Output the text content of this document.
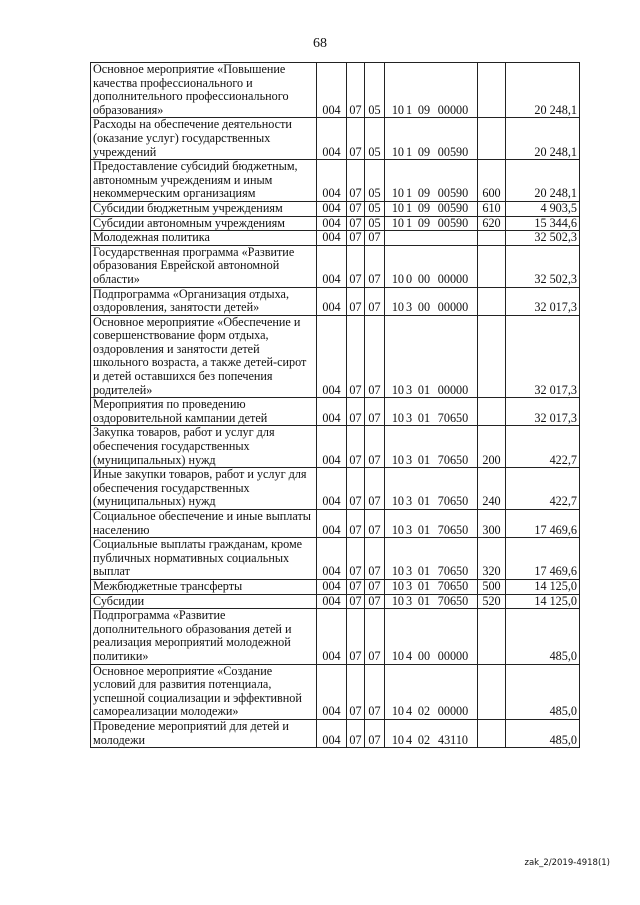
68
Основное мероприятие «Повышение качества профессионального и дополнительного профессионального образования»	004	07	05	10 1 09 00000		20 248,1
Расходы на обеспечение деятельности (оказание услуг) государственных учреждений	004	07	05	10 1 09 00590		20 248,1
Предоставление субсидий бюджетным, автономным учреждениям и иным некоммерческим организациям	004	07	05	10 1 09 00590	600	20 248,1
Субсидии бюджетным учреждениям	004	07	05	10 1 09 00590	610	4 903,5
Субсидии автономным учреждениям	004	07	05	10 1 09 00590	620	15 344,6
Молодежная политика	004	07	07			32 502,3
Государственная программа «Развитие образования Еврейской автономной области»	004	07	07	10 0 00 00000		32 502,3
Подпрограмма «Организация отдыха, оздоровления, занятости детей»	004	07	07	10 3 00 00000		32 017,3
Основное мероприятие «Обеспечение и совершенствование форм отдыха, оздоровления и занятости детей школьного возраста, а также детей-сирот и детей оставшихся без попечения родителей»	004	07	07	10 3 01 00000		32 017,3
Мероприятия по проведению оздоровительной кампании детей	004	07	07	10 3 01 70650		32 017,3
Закупка товаров, работ и услуг для обеспечения государственных (муниципальных) нужд	004	07	07	10 3 01 70650	200	422,7
Иные закупки товаров, работ и услуг для обеспечения государственных (муниципальных) нужд	004	07	07	10 3 01 70650	240	422,7
Социальное обеспечение и иные выплаты населению	004	07	07	10 3 01 70650	300	17 469,6
Социальные выплаты гражданам, кроме публичных нормативных социальных выплат	004	07	07	10 3 01 70650	320	17 469,6
Межбюджетные трансферты	004	07	07	10 3 01 70650	500	14 125,0
Субсидии	004	07	07	10 3 01 70650	520	14 125,0
Подпрограмма «Развитие дополнительного образования детей и реализация мероприятий молодежной политики»	004	07	07	10 4 00 00000		485,0
Основное мероприятие «Создание условий для развития потенциала, успешной социализации и эффективной самореализации молодежи»	004	07	07	10 4 02 00000		485,0
Проведение мероприятий для детей и молодежи	004	07	07	10 4 02 43110		485,0
zak_2/2019-4918(1)
